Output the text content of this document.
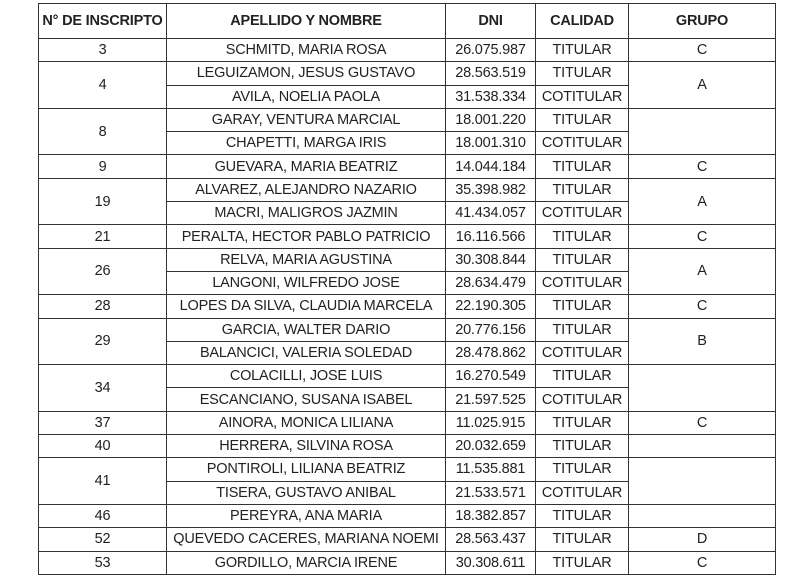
N° DE INSCRIPTO	APELLIDO Y NOMBRE	DNI	CALIDAD	GRUPO
3	SCHMITD, MARIA ROSA	26.075.987	TITULAR	C
4	LEGUIZAMON, JESUS GUSTAVO	28.563.519	TITULAR	A
	AVILA, NOELIA PAOLA	31.538.334	COTITULAR	
8	GARAY, VENTURA MARCIAL	18.001.220	TITULAR	
	CHAPETTI, MARGA IRIS	18.001.310	COTITULAR	
9	GUEVARA, MARIA BEATRIZ	14.044.184	TITULAR	C
19	ALVAREZ, ALEJANDRO NAZARIO	35.398.982	TITULAR	A
	MACRI, MALIGROS JAZMIN	41.434.057	COTITULAR	
21	PERALTA, HECTOR PABLO PATRICIO	16.116.566	TITULAR	C
26	RELVA, MARIA AGUSTINA	30.308.844	TITULAR	A
	LANGONI, WILFREDO JOSE	28.634.479	COTITULAR	
28	LOPES DA SILVA, CLAUDIA MARCELA	22.190.305	TITULAR	C
29	GARCIA, WALTER DARIO	20.776.156	TITULAR	B
	BALANCICI, VALERIA SOLEDAD	28.478.862	COTITULAR	
34	COLACILLI, JOSE LUIS	16.270.549	TITULAR	
	ESCANCIANO, SUSANA ISABEL	21.597.525	COTITULAR	
37	AINORA, MONICA LILIANA	11.025.915	TITULAR	C
40	HERRERA, SILVINA ROSA	20.032.659	TITULAR	
41	PONTIROLI, LILIANA BEATRIZ	11.535.881	TITULAR	
	TISERA, GUSTAVO ANIBAL	21.533.571	COTITULAR	
46	PEREYRA, ANA MARIA	18.382.857	TITULAR	
52	QUEVEDO CACERES, MARIANA NOEMI	28.563.437	TITULAR	D
53	GORDILLO, MARCIA IRENE	30.308.611	TITULAR	C
